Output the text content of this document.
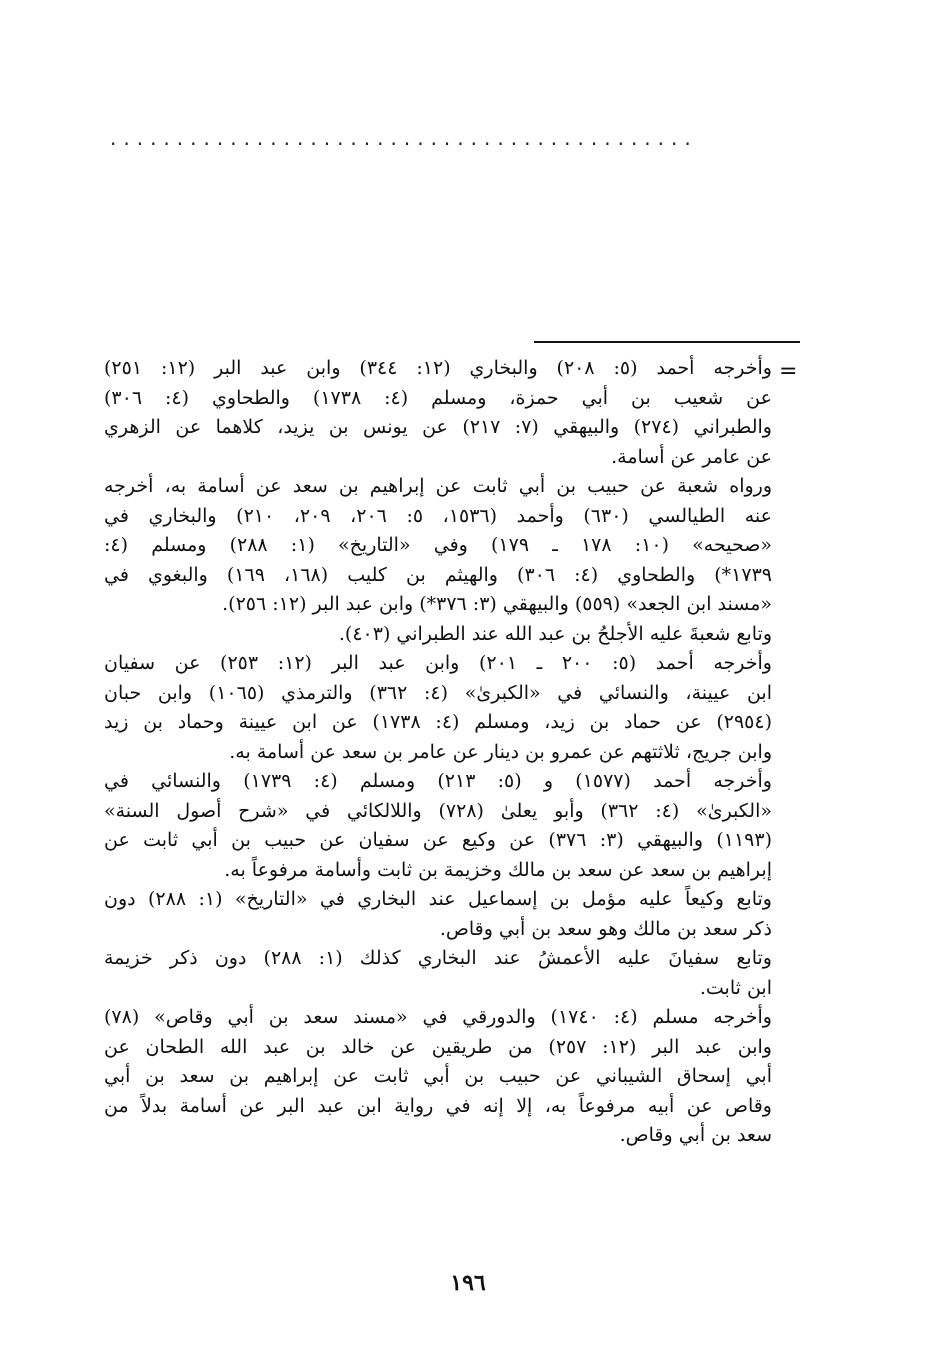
............................................
=
وأخرجه أحمد (٥: ٢٠٨) والبخاري (١٢: ٣٤٤) وابن عبد البر (١٢: ٢٥١)
عن شعيب بن أبي حمزة، ومسلم (٤: ١٧٣٨) والطحاوي (٤: ٣٠٦)
والطبراني (٢٧٤) والبيهقي (٧: ٢١٧) عن يونس بن يزيد، كلاهما عن الزهري
عن عامر عن أسامة.
ورواه شعبة عن حبيب بن أبي ثابت عن إبراهيم بن سعد عن أسامة به، أخرجه
عنه الطيالسي (٦٣٠) وأحمد (١٥٣٦، ٥: ٢٠٦، ٢٠٩، ٢١٠) والبخاري في
«صحيحه» (١٠: ١٧٨ ـ ١٧٩) وفي «التاريخ» (١: ٢٨٨) ومسلم (٤:
١٧٣٩*) والطحاوي (٤: ٣٠٦) والهيثم بن كليب (١٦٨، ١٦٩) والبغوي في
«مسند ابن الجعد» (٥٥٩) والبيهقي (٣: ٣٧٦*) وابن عبد البر (١٢: ٢٥٦).
وتابع شعبةَ عليه الأجلحُ بن عبد الله عند الطبراني (٤٠٣).
وأخرجه أحمد (٥: ٢٠٠ ـ ٢٠١) وابن عبد البر (١٢: ٢٥٣) عن سفيان
ابن عيينة، والنسائي في «الكبرىٰ» (٤: ٣٦٢) والترمذي (١٠٦٥) وابن حبان
(٢٩٥٤) عن حماد بن زيد، ومسلم (٤: ١٧٣٨) عن ابن عيينة وحماد بن زيد
وابن جريج، ثلاثتهم عن عمرو بن دينار عن عامر بن سعد عن أسامة به.
وأخرجه أحمد (١٥٧٧) و (٥: ٢١٣) ومسلم (٤: ١٧٣٩) والنسائي في
«الكبرىٰ» (٤: ٣٦٢) وأبو يعلىٰ (٧٢٨) واللالكائي في «شرح أصول السنة»
(١١٩٣) والبيهقي (٣: ٣٧٦) عن وكيع عن سفيان عن حبيب بن أبي ثابت عن
إبراهيم بن سعد عن سعد بن مالك وخزيمة بن ثابت وأسامة مرفوعاً به.
وتابع وكيعاً عليه مؤمل بن إسماعيل عند البخاري في «التاريخ» (١: ٢٨٨) دون
ذكر سعد بن مالك وهو سعد بن أبي وقاص.
وتابع سفيانَ عليه الأعمشُ عند البخاري كذلك (١: ٢٨٨) دون ذكر خزيمة
ابن ثابت.
وأخرجه مسلم (٤: ١٧٤٠) والدورقي في «مسند سعد بن أبي وقاص» (٧٨)
وابن عبد البر (١٢: ٢٥٧) من طريقين عن خالد بن عبد الله الطحان عن
أبي إسحاق الشيباني عن حبيب بن أبي ثابت عن إبراهيم بن سعد بن أبي
وقاص عن أبيه مرفوعاً به، إلا إنه في رواية ابن عبد البر عن أسامة بدلاً من
سعد بن أبي وقاص.
١٩٦
